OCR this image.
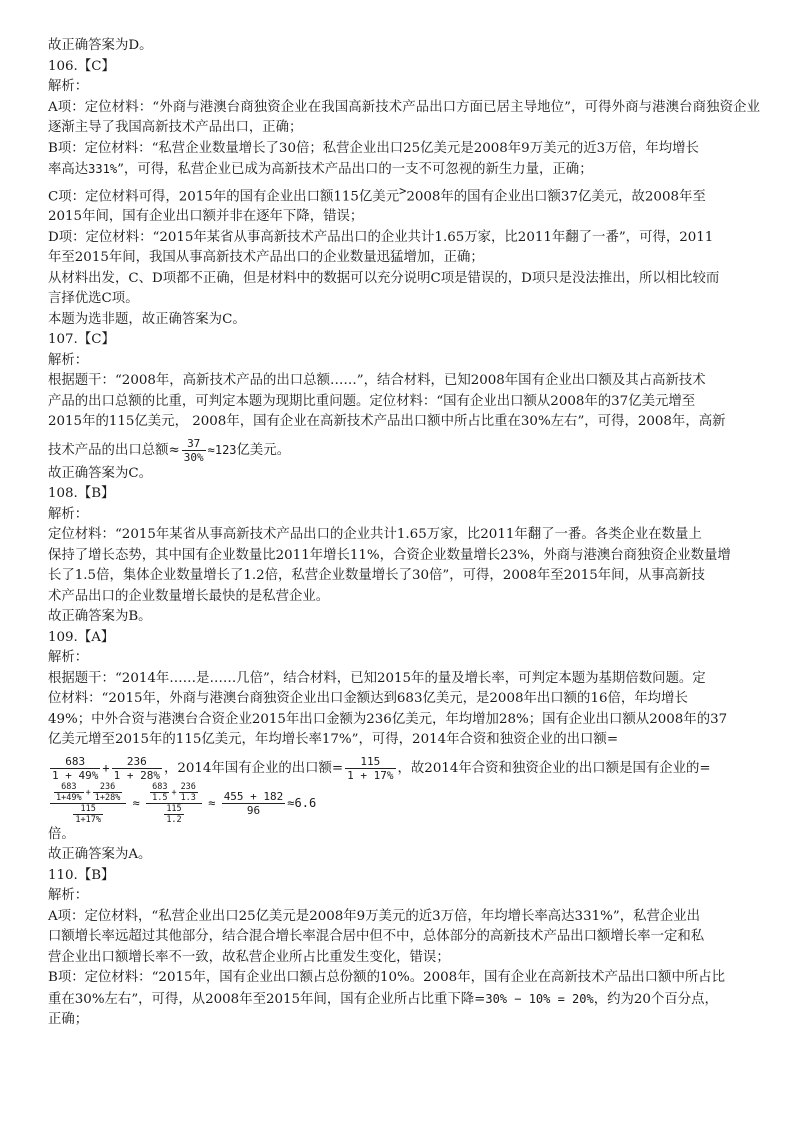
故正确答案为D。
106.【C】
解析：
A项：定位材料：“外商与港澳台商独资企业在我国高新技术产品出口方面已居主导地位”，可得外商与港澳台商独资企业逐渐主导了我国高新技术产品出口，正确；
B项：定位材料：“私营企业数量增长了30倍；私营企业出口25亿美元是2008年9万美元的近3万倍，年均增长
率高达331%”，可得，私营企业已成为高新技术产品出口的一支不可忽视的新生力量，正确；
C项：定位材料可得，2015年的国有企业出口额115亿美元>2008年的国有企业出口额37亿美元，故2008年至
2015年间，国有企业出口额并非在逐年下降，错误；
D项：定位材料：“2015年某省从事高新技术产品出口的企业共计1.65万家，比2011年翻了一番”，可得，2011
年至2015年间，我国从事高新技术产品出口的企业数量迅猛增加，正确；
从材料出发，C、D项都不正确，但是材料中的数据可以充分说明C项是错误的，D项只是没法推出，所以相比较而
言择优选C项。
本题为选非题，故正确答案为C。
107.【C】
解析：
根据题干：“2008年，高新技术产品的出口总额……”，结合材料，已知2008年国有企业出口额及其占高新技术
产品的出口总额的比重，可判定本题为现期比重问题。定位材料：“国有企业出口额从2008年的37亿美元增至
2015年的115亿美元， 2008年，国有企业在高新技术产品出口额中所占比重在30%左右”，可得，2008年，高新
技术产品的出口总额≈ $\frac{37}{30\%} \approx 123$亿美元。
故正确答案为C。
108.【B】
解析：
定位材料：“2015年某省从事高新技术产品出口的企业共计1.65万家，比2011年翻了一番。各类企业在数量上
保持了增长态势，其中国有企业数量比2011年增长11%，合资企业数量增长23%，外商与港澳台商独资企业数量增
长了1.5倍，集体企业数量增长了1.2倍，私营企业数量增长了30倍”，可得，2008年至2015年间，从事高新技
术产品出口的企业数量增长最快的是私营企业。
故正确答案为B。
109.【A】
解析：
根据题干：“2014年……是……几倍”，结合材料，已知2015年的量及增长率，可判定本题为基期倍数问题。定
位材料：“2015年，外商与港澳台商独资企业出口金额达到683亿美元，是2008年出口额的16倍，年均增长
49%；中外合资与港澳台合资企业2015年出口金额为236亿美元，年均增加28%；国有企业出口额从2008年的37
亿美元增至2015年的115亿美元，年均增长率17%”，可得，2014年合资和独资企业的出口额=
$\frac{683}{1 + 49\%} + \frac{236}{1 + 28\%}$ ，2014年国有企业的出口额= $\frac{115}{1 + 17\%}$ ，故2014年合资和独资企业的出口额是国有企业的=
$\frac{\frac{683}{1+49\%} + \frac{236}{1+28\%}}{\frac{115}{1+17\%}} \approx \frac{\frac{683}{1.5} + \frac{236}{1.3}}{\frac{115}{1.2}} \approx \frac{455 + 182}{96} \approx 6.6$
倍。
故正确答案为A。
110.【B】
解析：
A项：定位材料，“私营企业出口25亿美元是2008年9万美元的近3万倍，年均增长率高达331%”，私营企业出
口额增长率远超过其他部分，结合混合增长率混合居中但不中，总体部分的高新技术产品出口额增长率一定和私
营企业出口额增长率不一致，故私营企业所占比重发生变化，错误；
B项：定位材料：“2015年，国有企业出口额占总份额的10%。2008年，国有企业在高新技术产品出口额中所占比
重在30%左右”，可得，从2008年至2015年间，国有企业所占比重下降=30% − 10% = 20%，约为20个百分点，
正确；
